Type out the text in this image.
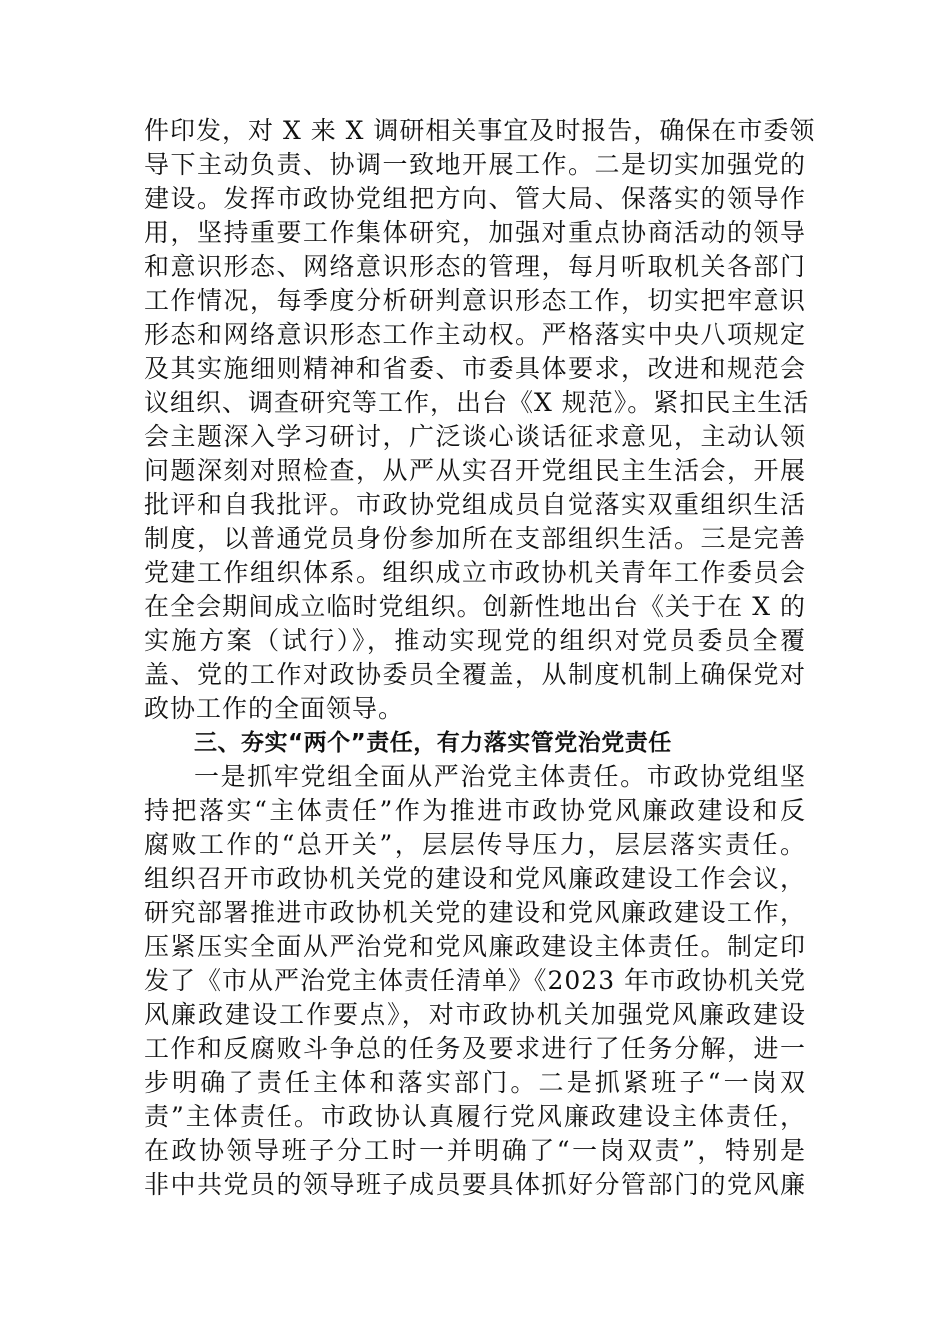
件印发，对 X 来 X 调研相关事宜及时报告，确保在市委领
导下主动负责、协调一致地开展工作。二是切实加强党的
建设。发挥市政协党组把方向、管大局、保落实的领导作
用，坚持重要工作集体研究，加强对重点协商活动的领导
和意识形态、网络意识形态的管理，每月听取机关各部门
工作情况，每季度分析研判意识形态工作，切实把牢意识
形态和网络意识形态工作主动权。严格落实中央八项规定
及其实施细则精神和省委、市委具体要求，改进和规范会
议组织、调查研究等工作，出台《X 规范》。紧扣民主生活
会主题深入学习研讨，广泛谈心谈话征求意见，主动认领
问题深刻对照检查，从严从实召开党组民主生活会，开展
批评和自我批评。市政协党组成员自觉落实双重组织生活
制度，以普通党员身份参加所在支部组织生活。三是完善
党建工作组织体系。组织成立市政协机关青年工作委员会
在全会期间成立临时党组织。创新性地出台《关于在 X 的
实施方案（试行）》，推动实现党的组织对党员委员全覆
盖、党的工作对政协委员全覆盖，从制度机制上确保党对
政协工作的全面领导。
三、夯实“两个”责任，有力落实管党治党责任
一是抓牢党组全面从严治党主体责任。市政协党组坚
持把落实“主体责任”作为推进市政协党风廉政建设和反
腐败工作的“总开关”，层层传导压力，层层落实责任。
组织召开市政协机关党的建设和党风廉政建设工作会议，
研究部署推进市政协机关党的建设和党风廉政建设工作，
压紧压实全面从严治党和党风廉政建设主体责任。制定印
发了《市从严治党主体责任清单》《2023 年市政协机关党
风廉政建设工作要点》，对市政协机关加强党风廉政建设
工作和反腐败斗争总的任务及要求进行了任务分解，进一
步明确了责任主体和落实部门。二是抓紧班子“一岗双
责”主体责任。市政协认真履行党风廉政建设主体责任，
在政协领导班子分工时一并明确了“一岗双责”，特别是
非中共党员的领导班子成员要具体抓好分管部门的党风廉
